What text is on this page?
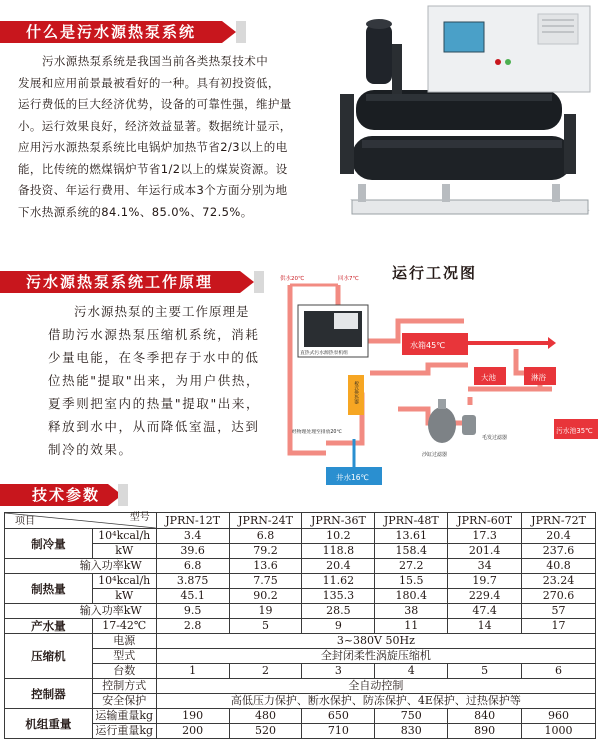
什么是污水源热泵系统
污水源热泵系统是我国当前各类热泵技术中
发展和应用前景最被看好的一种。具有初投资低，
运行费低的巨大经济优势，设备的可靠性强，维护量
小。运行效果良好，经济效益显著。数据统计显示，
应用污水源热泵系统比电锅炉加热节省2/3以上的电
能，比传统的燃煤锅炉节省1/2以上的煤炭资源。设
备投资、年运行费用、年运行成本3个方面分别为地
下水热源系统的84.1%、85.0%、72.5%。
污水源热泵系统工作原理
污水源热泵的主要工作原理是
借助污水源热泵压缩机系统，消耗
少量电能，在冬季把存于水中的低
位热能"提取"出来，为用户供热，
夏季则把室内的热量"提取"出来，
释放到水中，从而降低室温，达到
制冷的效果。
运行工况图
供水20℃	回水7℃
直热式污水源热泵机组
水箱45℃
大池	淋浴
污水池35℃
板式换热器
沙缸过滤器
毛发过滤器
经物理处理至排放20℃
井水16℃
技术参数
型号
项目		JPRN-12T	JPRN-24T	JPRN-36T	JPRN-48T	JPRN-60T	JPRN-72T
制冷量	10⁴kcal/h	3.4	6.8	10.2	13.61	17.3	20.4
	kW	39.6	79.2	118.8	158.4	201.4	237.6
输入功率kW		6.8	13.6	20.4	27.2	34	40.8
制热量	10⁴kcal/h	3.875	7.75	11.62	15.5	19.7	23.24
	kW	45.1	90.2	135.3	180.4	229.4	270.6
输入功率kW		9.5	19	28.5	38	47.4	57
产水量	17-42℃	2.8	5	9	11	14	17
压缩机	电源	3~380V 50Hz					
	型式	全封闭柔性涡旋压缩机					
	台数	1	2	3	4	5	6
控制器	控制方式	全自动控制					
	安全保护	高低压力保护、断水保护、防冻保护、4E保护、过热保护等					
机组重量	运输重量kg	190	480	650	750	840	960
	运行重量kg	200	520	710	830	890	1000
